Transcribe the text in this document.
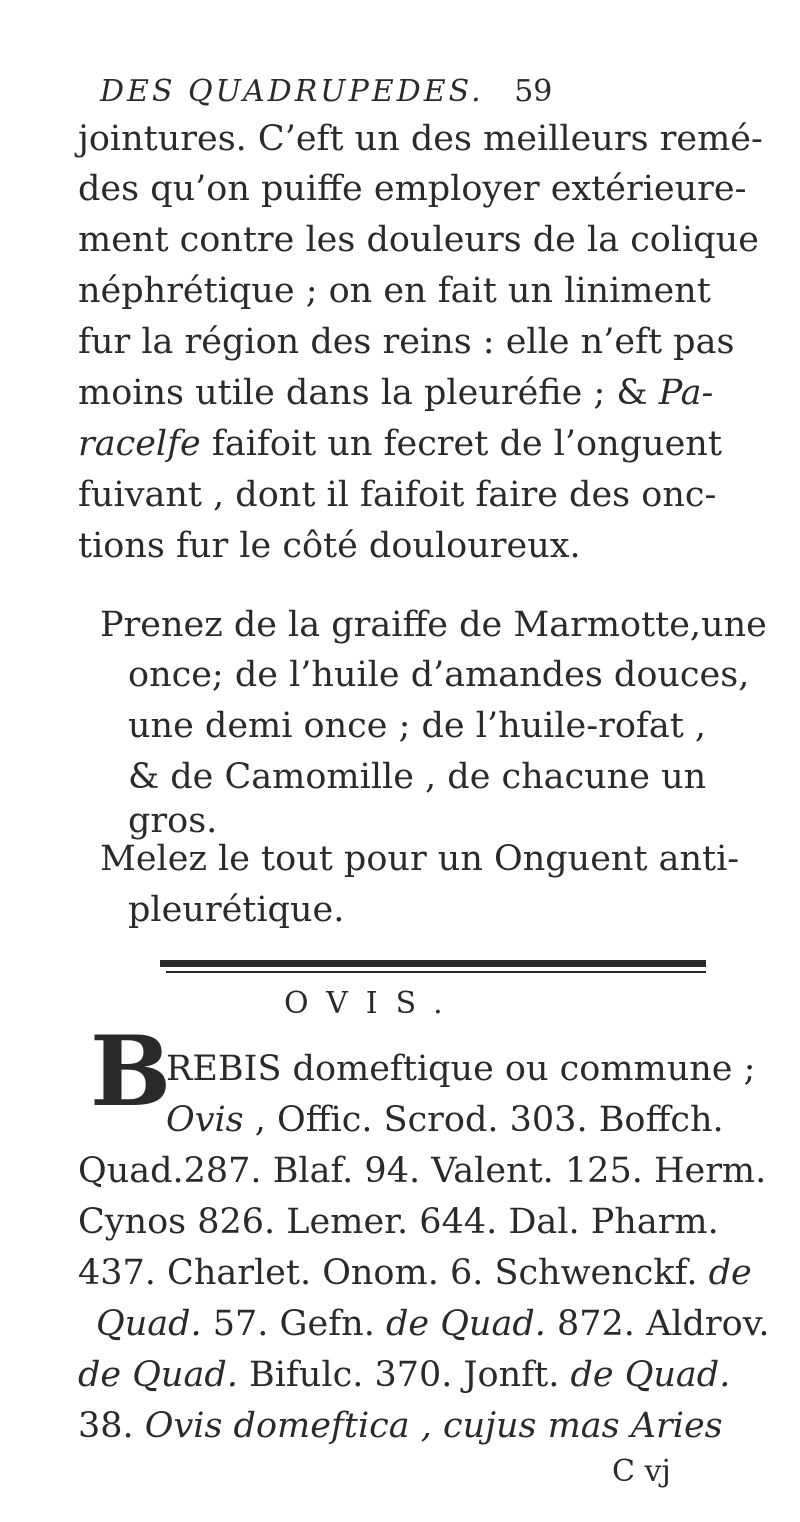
DES QUADRUPEDES. 59
jointures. C’eft un des meilleurs remé-
des qu’on puiffe employer extérieure-
ment contre les douleurs de la colique
néphrétique ; on en fait un liniment
fur la région des reins : elle n’eft pas
moins utile dans la pleuréfie ; & Pa-
racelfe faifoit un fecret de l’onguent
fuivant , dont il faifoit faire des onc-
tions fur le côté douloureux.
Prenez de la graiffe de Marmotte,une
once; de l’huile d’amandes douces,
une demi once ; de l’huile-rofat ,
& de Camomille , de chacune un
gros.
Melez le tout pour un Onguent anti-
pleurétique.
OVIS.
B
REBIS domeftique ou commune ;
Ovis , Offic. Scrod. 303. Boffch.
Quad.287. Blaf. 94. Valent. 125. Herm.
Cynos 826. Lemer. 644. Dal. Pharm.
437. Charlet. Onom. 6. Schwenckf. de
Quad. 57. Gefn. de Quad. 872. Aldrov.
de Quad. Bifulc. 370. Jonft. de Quad.
38. Ovis domeftica , cujus mas Aries
C vj
